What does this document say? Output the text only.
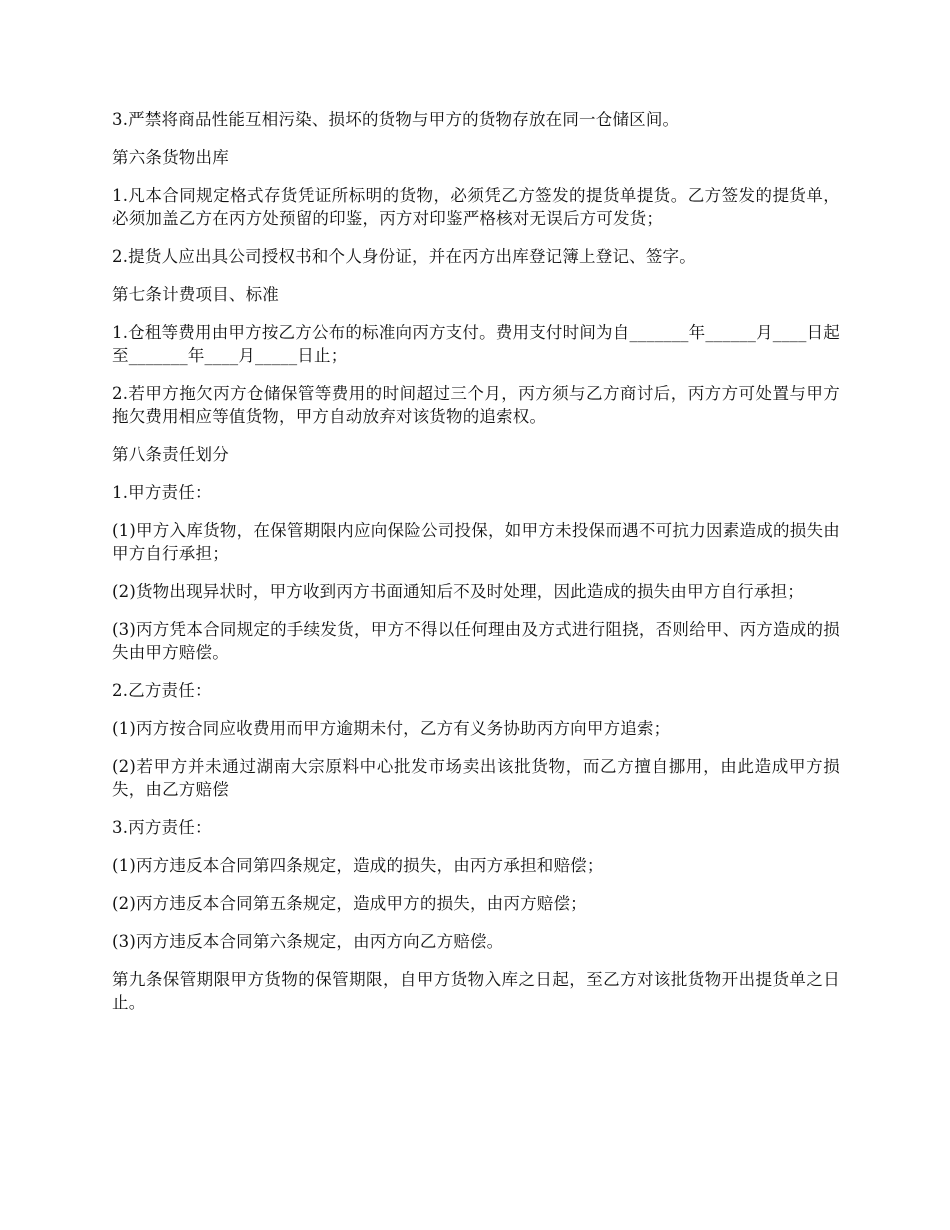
3.严禁将商品性能互相污染、损坏的货物与甲方的货物存放在同一仓储区间。

第六条货物出库

1.凡本合同规定格式存货凭证所标明的货物，必须凭乙方签发的提货单提货。乙方签发的提货单，必须加盖乙方在丙方处预留的印鉴，丙方对印鉴严格核对无误后方可发货；

2.提货人应出具公司授权书和个人身份证，并在丙方出库登记簿上登记、签字。

第七条计费项目、标准

1.仓租等费用由甲方按乙方公布的标准向丙方支付。费用支付时间为自_______年______月____日起至_______年____月_____日止；

2.若甲方拖欠丙方仓储保管等费用的时间超过三个月，丙方须与乙方商讨后，丙方方可处置与甲方拖欠费用相应等值货物，甲方自动放弃对该货物的追索权。

第八条责任划分

1.甲方责任：

(1)甲方入库货物，在保管期限内应向保险公司投保，如甲方未投保而遇不可抗力因素造成的损失由甲方自行承担；

(2)货物出现异状时，甲方收到丙方书面通知后不及时处理，因此造成的损失由甲方自行承担；

(3)丙方凭本合同规定的手续发货，甲方不得以任何理由及方式进行阻挠，否则给甲、丙方造成的损失由甲方赔偿。

2.乙方责任：

(1)丙方按合同应收费用而甲方逾期未付，乙方有义务协助丙方向甲方追索；

(2)若甲方并未通过湖南大宗原料中心批发市场卖出该批货物，而乙方擅自挪用，由此造成甲方损失，由乙方赔偿

3.丙方责任：

(1)丙方违反本合同第四条规定，造成的损失，由丙方承担和赔偿；

(2)丙方违反本合同第五条规定，造成甲方的损失，由丙方赔偿；

(3)丙方违反本合同第六条规定，由丙方向乙方赔偿。

第九条保管期限甲方货物的保管期限，自甲方货物入库之日起，至乙方对该批货物开出提货单之日止。
